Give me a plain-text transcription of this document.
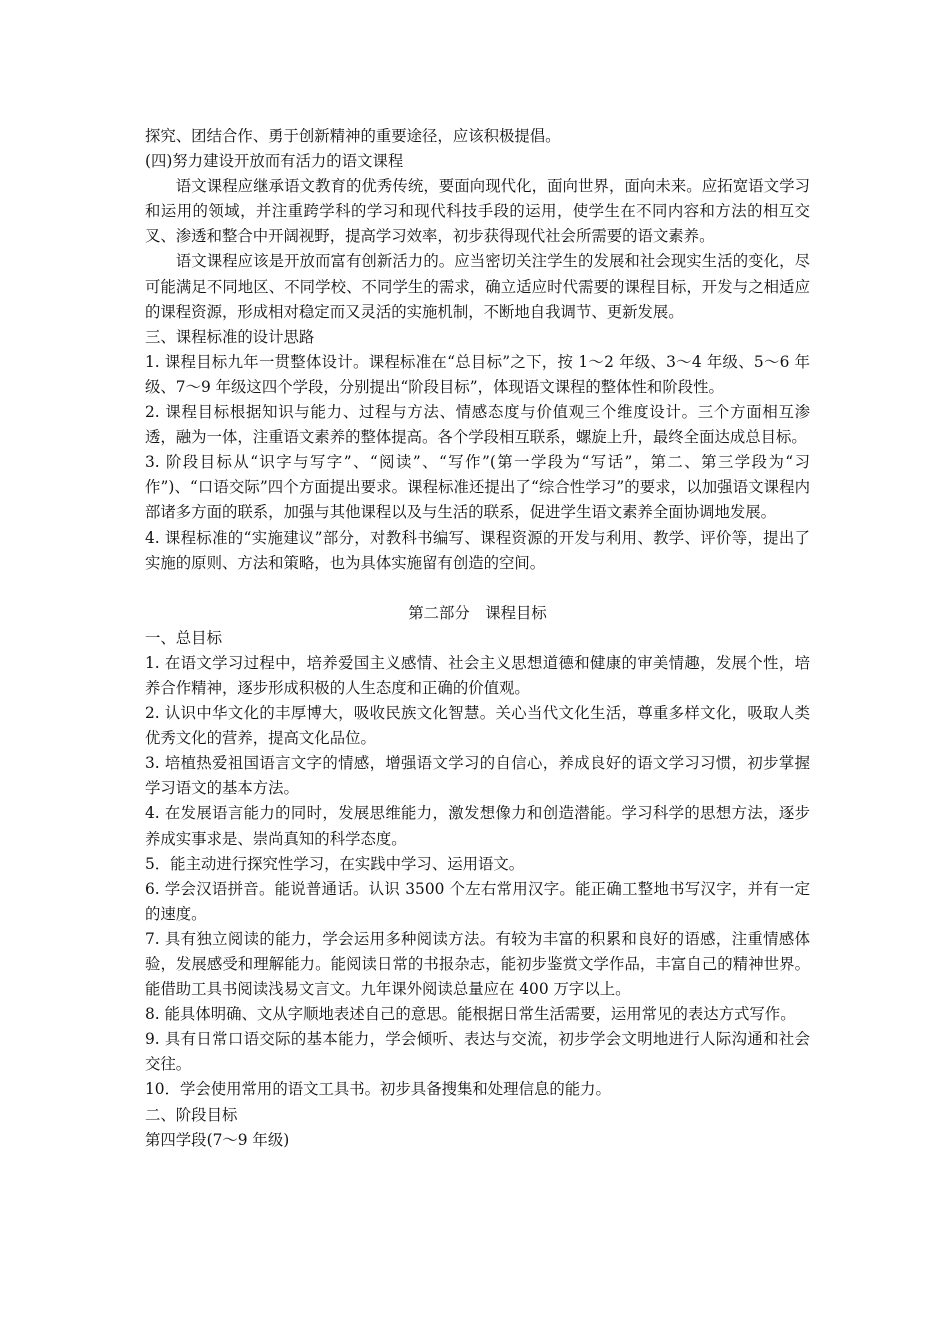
探究、团结合作、勇于创新精神的重要途径，应该积极提倡。

(四)努力建设开放而有活力的语文课程

语文课程应继承语文教育的优秀传统，要面向现代化，面向世界，面向未来。应拓宽语文学习和运用的领域，并注重跨学科的学习和现代科技手段的运用，使学生在不同内容和方法的相互交叉、渗透和整合中开阔视野，提高学习效率，初步获得现代社会所需要的语文素养。

语文课程应该是开放而富有创新活力的。应当密切关注学生的发展和社会现实生活的变化，尽可能满足不同地区、不同学校、不同学生的需求，确立适应时代需要的课程目标，开发与之相适应的课程资源，形成相对稳定而又灵活的实施机制，不断地自我调节、更新发展。

三、课程标准的设计思路

1. 课程目标九年一贯整体设计。课程标准在“总目标”之下，按 1～2 年级、3～4 年级、5～6 年级、7～9 年级这四个学段，分别提出“阶段目标”，体现语文课程的整体性和阶段性。

2. 课程目标根据知识与能力、过程与方法、情感态度与价值观三个维度设计。三个方面相互渗透，融为一体，注重语文素养的整体提高。各个学段相互联系，螺旋上升，最终全面达成总目标。

3. 阶段目标从“识字与写字”、“阅读”、“写作”(第一学段为“写话”，第二、第三学段为“习作”)、“口语交际”四个方面提出要求。课程标准还提出了“综合性学习”的要求，以加强语文课程内部诸多方面的联系，加强与其他课程以及与生活的联系，促进学生语文素养全面协调地发展。

4. 课程标准的“实施建议”部分，对教科书编写、课程资源的开发与利用、教学、评价等，提出了实施的原则、方法和策略，也为具体实施留有创造的空间。

第二部分　课程目标

一、总目标

1. 在语文学习过程中，培养爱国主义感情、社会主义思想道德和健康的审美情趣，发展个性，培养合作精神，逐步形成积极的人生态度和正确的价值观。

2. 认识中华文化的丰厚博大，吸收民族文化智慧。关心当代文化生活，尊重多样文化，吸取人类优秀文化的营养，提高文化品位。

3. 培植热爱祖国语言文字的情感，增强语文学习的自信心，养成良好的语文学习习惯，初步掌握学习语文的基本方法。

4. 在发展语言能力的同时，发展思维能力，激发想像力和创造潜能。学习科学的思想方法，逐步养成实事求是、崇尚真知的科学态度。

5．能主动进行探究性学习，在实践中学习、运用语文。

6. 学会汉语拼音。能说普通话。认识 3500 个左右常用汉字。能正确工整地书写汉字，并有一定的速度。

7. 具有独立阅读的能力，学会运用多种阅读方法。有较为丰富的积累和良好的语感，注重情感体验，发展感受和理解能力。能阅读日常的书报杂志，能初步鉴赏文学作品，丰富自己的精神世界。能借助工具书阅读浅易文言文。九年课外阅读总量应在 400 万字以上。

8. 能具体明确、文从字顺地表述自己的意思。能根据日常生活需要，运用常见的表达方式写作。

9. 具有日常口语交际的基本能力，学会倾听、表达与交流，初步学会文明地进行人际沟通和社会交往。

10．学会使用常用的语文工具书。初步具备搜集和处理信息的能力。

二、阶段目标

第四学段(7～9 年级)
